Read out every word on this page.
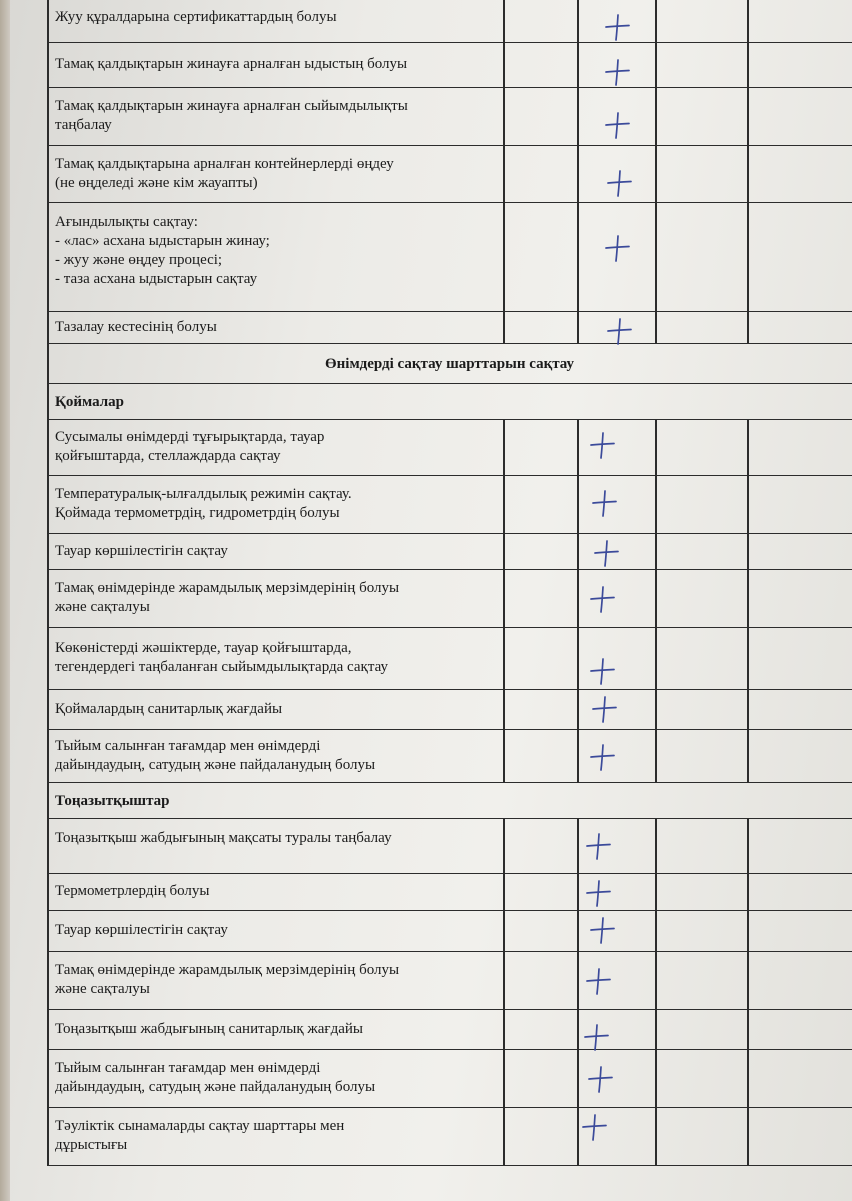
Жуу құралдарына сертификаттардың болуы
Тамақ қалдықтарын жинауға арналған ыдыстың болуы
Тамақ қалдықтарын жинауға арналған сыйымдылықты
таңбалау
Тамақ қалдықтарына арналған контейнерлерді өңдеу
(не өңделеді және кім жауапты)
Ағындылықты сақтау:
- «лас» асхана ыдыстарын жинау;
- жуу және өңдеу процесі;
- таза асхана ыдыстарын сақтау
Тазалау кестесінің болуы
Өнімдерді сақтау шарттарын сақтау
Қоймалар
Сусымалы өнімдерді тұғырықтарда, тауар
қойғыштарда, стеллаждарда сақтау
Температуралық-ылғалдылық режимін сақтау.
Қоймада термометрдің, гидрометрдің болуы
Тауар көршілестігін сақтау
Тамақ өнімдерінде жарамдылық мерзімдерінің болуы
және сақталуы
Көкөністерді жәшіктерде, тауар қойғыштарда,
тегендердегі таңбаланған сыйымдылықтарда сақтау
Қоймалардың санитарлық жағдайы
Тыйым салынған тағамдар мен өнімдерді
дайындаудың, сатудың және пайдаланудың болуы
Тоңазытқыштар
Тоңазытқыш жабдығының мақсаты туралы таңбалау
Термометрлердің болуы
Тауар көршілестігін сақтау
Тамақ өнімдерінде жарамдылық мерзімдерінің болуы
және сақталуы
Тоңазытқыш жабдығының санитарлық жағдайы
Тыйым салынған тағамдар мен өнімдерді
дайындаудың, сатудың және пайдаланудың болуы
Тәуліктік сынамаларды сақтау шарттары мен
дұрыстығы
